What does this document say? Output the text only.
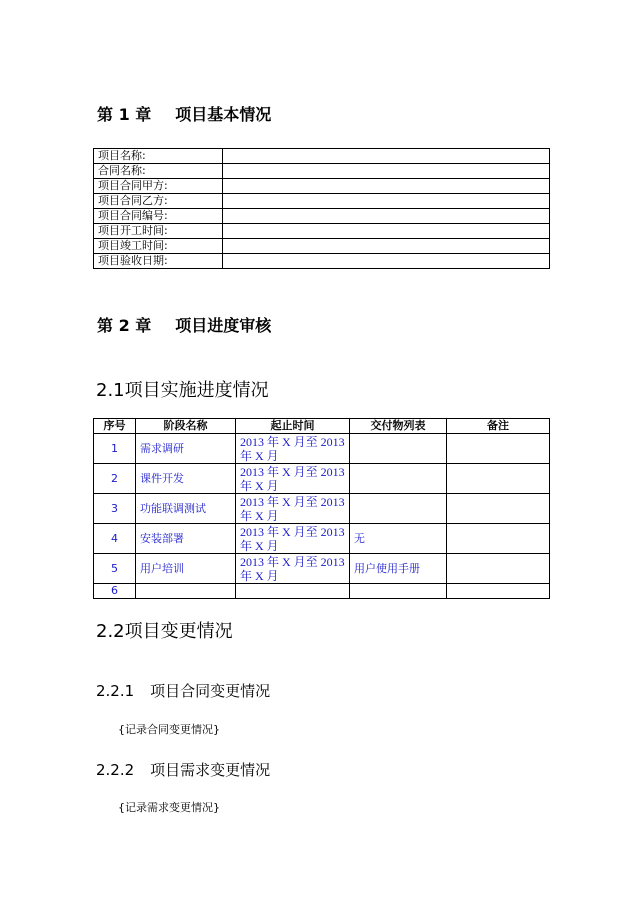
第 1 章 项目基本情况
项目名称:	
合同名称:	
项目合同甲方:	
项目合同乙方:	
项目合同编号:	
项目开工时间:	
项目竣工时间:	
项目验收日期:	
第 2 章 项目进度审核
2.1项目实施进度情况
序号	阶段名称	起止时间	交付物列表	备注
1	需求调研	2013 年 X 月至 2013 年 X 月		
2	课件开发	2013 年 X 月至 2013 年 X 月		
3	功能联调测试	2013 年 X 月至 2013 年 X 月		
4	安装部署	2013 年 X 月至 2013 年 X 月	无	
5	用户培训	2013 年 X 月至 2013 年 X 月	用户使用手册	
6				
2.2项目变更情况
2.2.1 项目合同变更情况

{记录合同变更情况}

2.2.2 项目需求变更情况

{记录需求变更情况}
